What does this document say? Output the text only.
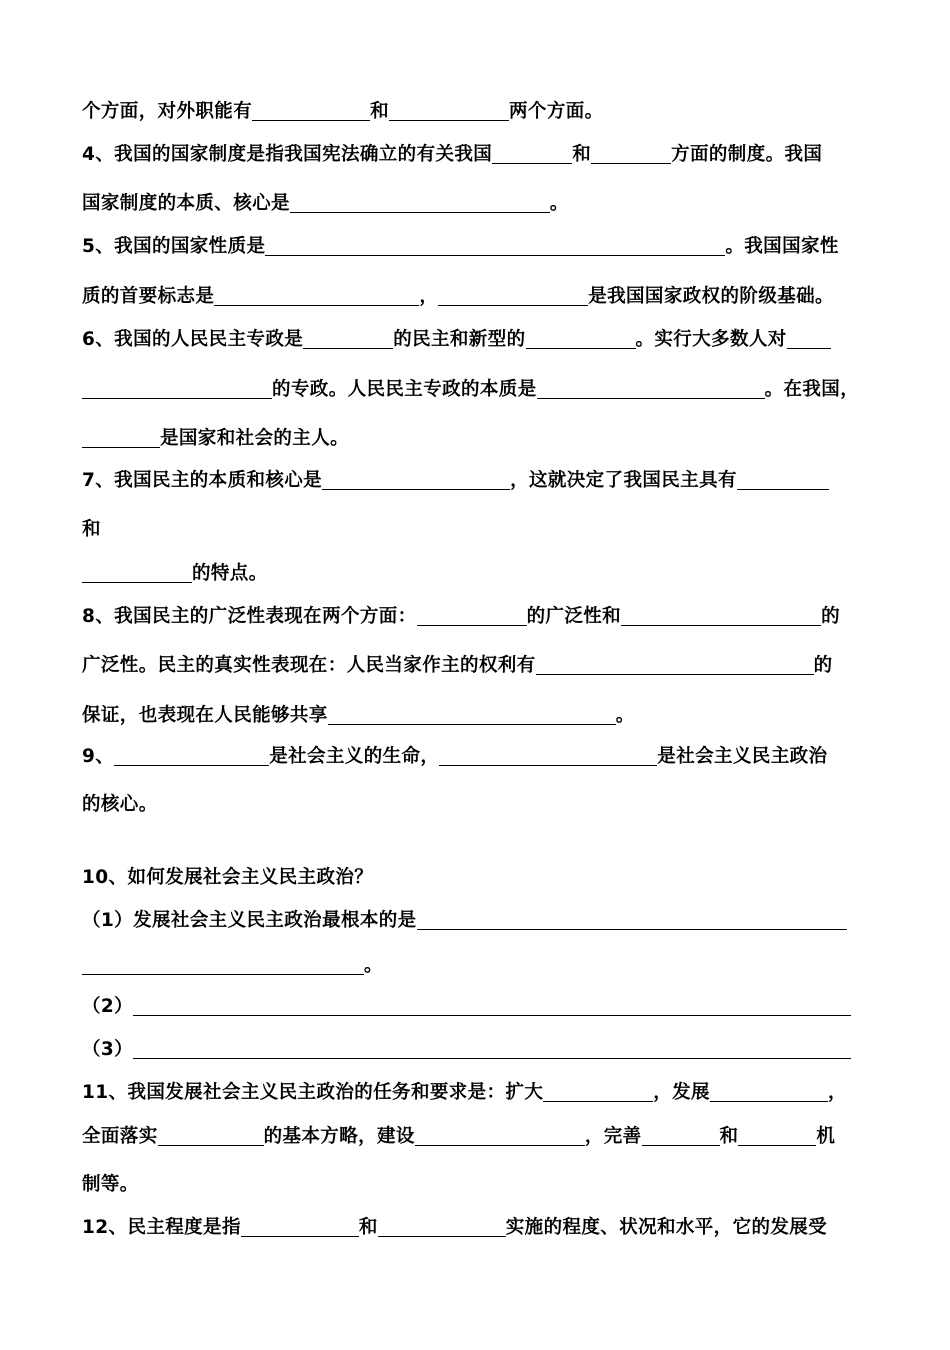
个方面，对外职能有	和	两个方面。
4、我国的国家制度是指我国宪法确立的有关我国	和	方面的制度。我国
国家制度的本质、核心是	。
5、我国的国家性质是	。我国国家性
质的首要标志是	，	是我国国家政权的阶级基础。
6、我国的人民民主专政是	的民主和新型的	。实行大多数人对
的专政。人民民主专政的本质是	。在我国，
是国家和社会的主人。
7、我国民主的本质和核心是	，这就决定了我国民主具有
和
的特点。
8、我国民主的广泛性表现在两个方面：	的广泛性和	的
广泛性。民主的真实性表现在：人民当家作主的权利有	的
保证，也表现在人民能够共享	。
9、	是社会主义的生命，	是社会主义民主政治
的核心。
10、如何发展社会主义民主政治？
（1）发展社会主义民主政治最根本的是
。
（2）
（3）
11、我国发展社会主义民主政治的任务和要求是：扩大	，发展	，
全面落实	的基本方略，建设	，完善	和	机
制等。
12、民主程度是指	和	实施的程度、状况和水平，它的发展受
